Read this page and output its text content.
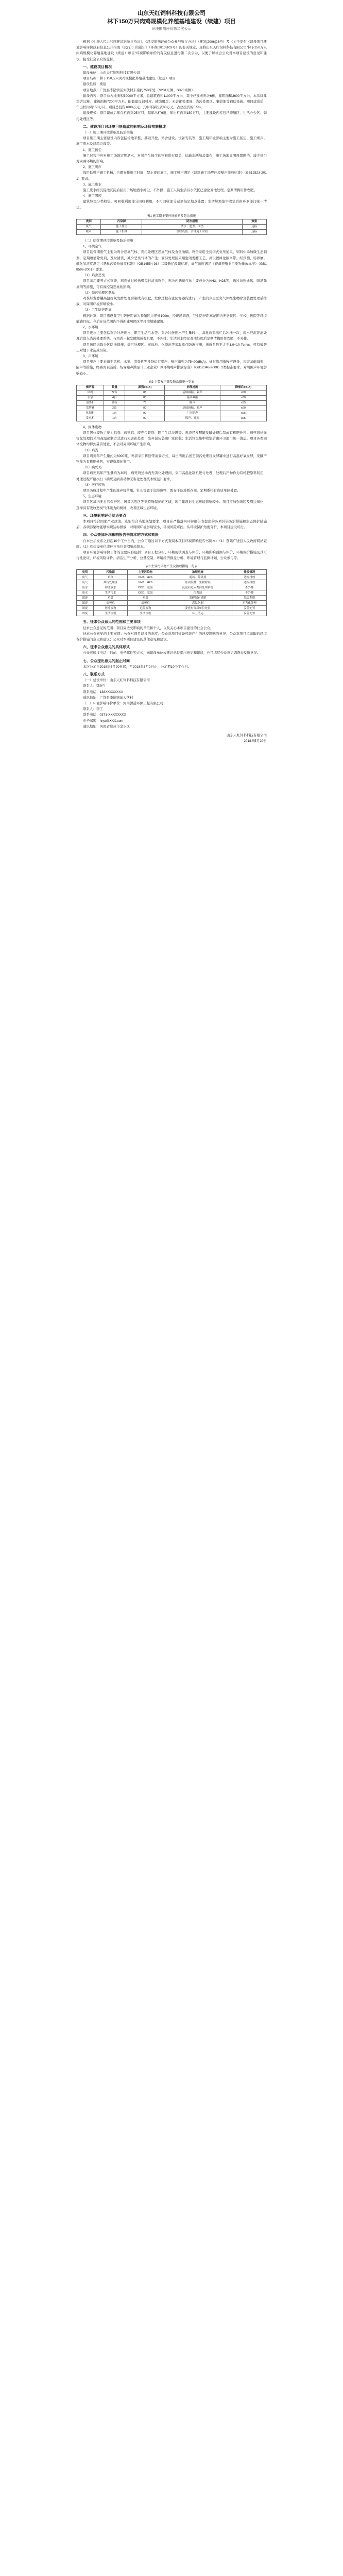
山东天红饲料科技有限公司
林下150万只肉鸡规模化养殖基地建设（续建）项目
环境影响评价第二次公示
根据《中华人民共和国环境影响评价法》、《环境影响评价公众参与暂行办法》（环发[2006]28号）及《关于发布〈建设项目环境影响评价政府信息公开指南（试行）〉的通知》（环办[2013]103号）的有关规定，现将山东天红饲料科技有限公司“林下150万只肉鸡规模化养殖基地建设（续建）项目”环境影响评价的有关信息进行第二次公示，以便了解社会公众对本项目建设的意见和建议，接受社会公众的监督。
一、建设项目概况
建设单位：山东天红饲料科技有限公司
项目名称：林下150万只肉鸡规模化养殖基地建设（续建）项目
建设性质：续建
项目地点：广饶县李鹊镇前大伏村东南约750米处（S231东侧、S323南侧）
建设内容：项目总占地面积30000平方米，总建筑面积11000平方米，其中已建成鸡舍6栋，建筑面积3600平方米，本次续建鸡舍12栋，建筑面积7200平方米，配套建设饲料库、辅助用房、无害化处理间、粪污处理区、事故池等辅助设施。项目建成后，年出栏肉鸡150万只。项目总投资1600万元，其中环保投资88万元，占总投资的5.5%。
建设规模：项目建成后年存栏肉鸡25万只，每年出栏6批，年出栏肉鸡150万只，主要建设内容包括养殖区、生活办公区、粪污处理区等。
二、建设项目对环境可能造成的影响及环保措施概述
（一）施工期环境影响及防治措施
项目施工期主要建设内容包括场地平整、基础开挖、鸡舍建设、设备安装等，施工期环境影响主要为施工扬尘、施工噪声、施工废水及建筑垃圾等。
1、施工扬尘
施工过程中应对施工场地定期洒水，对易产生扬尘的物料进行遮盖，运输车辆加盖篷布，施工场地周围设置围挡，减少扬尘对周围环境的影响。
2、施工噪声
选用低噪声施工机械，合理安排施工时间，禁止夜间施工，施工噪声满足《建筑施工场界环境噪声排放标准》（GB12523-2011）要求。
3、施工废水
施工废水经沉淀池沉淀后回用于场地洒水抑尘，不外排；施工人员生活污水依托已建化粪池处理，定期清掏用作农肥。
4、施工固废
建筑垃圾分类收集，可回收利用部分回收利用，不可回收部分运至指定地点处置；生活垃圾集中收集后由环卫部门统一清运。
表1 施工期主要环境影响及防治措施
类别	污染源	防治措施	效果
废气	施工扬尘	洒水、遮盖、围挡	达标
噪声	施工机械	低噪设备、合理施工时间	达标
（二）运营期环境影响及防治措施
1、环境空气
项目运营期废气主要为鸡舍恶臭气体、粪污处理区恶臭气体及食堂油烟。鸡舍采用全封闭式负压通风，饲料中添加微生态制剂，定期喷洒除臭剂，及时清粪，减少恶臭气体的产生；粪污处理区采用密闭发酵工艺，并设置绿化隔离带。经预测，场界氨、硫化氢浓度满足《恶臭污染物排放标准》（GB14554-93）二级新扩改建标准，臭气浓度满足《畜禽养殖业污染物排放标准》（GB18596-2001）要求。
（1）鸡舍恶臭
项目采用笼养方式饲养，鸡粪通过传送带每日清出鸡舍，鸡舍内恶臭气体主要成分为NH3、H2S等，通过加强通风、喷洒除臭剂等措施，可有效控制恶臭的影响。
（2）粪污处理区恶臭
鸡粪经发酵罐高温好氧发酵处理后制成有机肥，发酵过程在密闭容器内进行，产生的少量恶臭气体经生物除臭装置处理后排放，对周围环境影响较小。
（3）卫生防护距离
根据计算，项目需设置卫生防护距离为养殖区边界外100m，经现场调查，卫生防护距离范围内无居民区、学校、医院等环境敏感目标，今后在该范围内不得新建居民区等环境敏感建筑。
2、水环境
项目废水主要包括鸡舍冲洗废水、职工生活污水等。鸡舍冲洗废水产生量较小，每批肉鸡出栏后冲洗一次，废水经沉淀池处理后进入粪污处理系统，与鸡粪一起发酵制成有机肥，不外排；生活污水经化粪池处理后定期清掏用作农肥，不外排。
项目场区采取分区防渗措施，粪污处理区、事故池、化粪池等采取重点防渗措施，渗透系数不大于1.0×10-7cm/s，可有效防止对地下水造成污染。
3、声环境
项目噪声主要来源于风机、水泵、清粪机等设备运行噪声，噪声源强为75~90dB(A)。通过选用低噪声设备，采取基础减振、隔声等措施，经距离衰减后，场界噪声满足《工业企业厂界环境噪声排放标准》（GB12348-2008）2类标准要求，对周围声环境影响较小。
表2 主要噪声源及防治措施一览表
噪声源	数量	源强dB(A)	治理措施	降噪后dB(A)
风机	72台	85	基础减振、隔声	≤60
水泵	4台	80	基础减振	≤60
清粪机	18台	75	隔声	≤55
发酵罐	2套	80	基础减振、隔声	≤60
化制机	1台	90	厂房隔声	≤65
发电机	1台	90	隔声、减振	≤65
4、固体废物
项目固体废物主要为鸡粪、病死鸡、废弃包装袋、职工生活垃圾等。鸡粪经发酵罐发酵处理后制成有机肥外售；病死鸡送无害化处理间采用高温化制方式进行无害化处理；废弃包装袋由厂家回收；生活垃圾集中收集后由环卫部门统一清运。项目各类固体废物均得到妥善处置，不会对周围环境产生影响。
（1）鸡粪
项目鸡粪年产生量约为6000吨，鸡粪采用传送带清粪方式，每日清出后送至粪污处理区发酵罐中进行高温好氧发酵，发酵产物作为有机肥外售，实现资源化利用。
（2）病死鸡
项目病死鸡年产生量约为30吨，病死鸡送场内无害化处理间，采用高温化制机进行处理，处理后产物作为有机肥原料利用，处理过程严格执行《病死及病害动物无害化处理技术规范》要求。
（3）医疗废物
项目防疫过程中产生的废弃疫苗瓶、针头等属于危险废物，暂存于危废暂存间，定期委托有资质单位处置。
5、生态环境
项目区域内无自然保护区、风景名胜区等需特殊保护的区域，项目建设对生态环境影响较小。项目应加强场区及周边绿化，选择具有吸收恶臭气体能力的树种，改善区域生态环境。
三、环境影响评价结论要点
本项目符合国家产业政策，选址符合当地规划要求，项目在严格落实环评报告书提出的各项污染防治措施和生态保护措施后，各项污染物能够实现达标排放，对周围环境影响较小，环境风险可控。从环境保护角度分析，本项目建设可行。
四、公众查阅环境影响报告书简本的方式和期限
自本公示发布之日起10个工作日内，公众可通过以下方式查阅本项目环境影响报告书简本：（1）登陆广饶县人民政府网站查阅；（2）到建设单位或环评单位查阅纸质版本。
项目环境影响评价工作的主要内容包括：项目工程分析、环境现状调查与评价、环境影响预测与评价、环境保护措施及其可行性论证、环境风险评价、清洁生产分析、总量控制、环境经济损益分析、环境管理与监测计划、公众参与等。
表3 主要污染物产生及治理措施一览表
类别	污染源	主要污染物	治理措施	排放情况
废气	鸡舍	NH3、H2S	通风、除臭剂	达标排放
废气	粪污处理区	NH3、H2S	密闭发酵、生物除臭	达标排放
废水	冲洗废水	COD、氨氮	沉淀后进入粪污处理系统	不外排
废水	生活污水	COD、氨氮	化粪池	不外排
固废	鸡粪	鸡粪	发酵制有机肥	综合利用
固废	病死鸡	病死鸡	高温化制	无害化处理
固废	医疗废物	危险废物	委托有资质单位处置	妥善处置
固废	生活垃圾	生活垃圾	环卫清运	妥善处置
五、征求公众意见的范围和主要事项
征求公众意见的范围：项目周边受影响的单位和个人，以及关心本项目建设的社会公众。
征求公众意见的主要事项：公众对项目建设的态度；公众对项目建设可能产生的环境影响的意见；公众对项目拟采取的环境保护措施的意见和建议；公众对本项目建设的其他意见和建议。
六、征求公众意见的具体形式
公众可通过电话、信函、电子邮件等方式，向建设单位或环评单位提出意见和建议，也可填写公众意见调查表反馈意见。
七、公众提出意见的起止时间
本次公示自2018年5月20日起，至2018年6月2日止，公示期10个工作日。
八、联系方式
（一）建设单位：山东天红饲料科技有限公司
联系人：魏先生
联系电话：138XXXXXXXX
通讯地址：广饶县李鹊镇前大伏村
（二）环境影响评价单位：河南源通环保工程有限公司
联系人：李工
联系电话：0371-XXXXXXXX
电子邮箱：hnyt@XXX.com
通讯地址：河南省郑州市金水区
山东天红饲料科技有限公司
2018年5月20日
